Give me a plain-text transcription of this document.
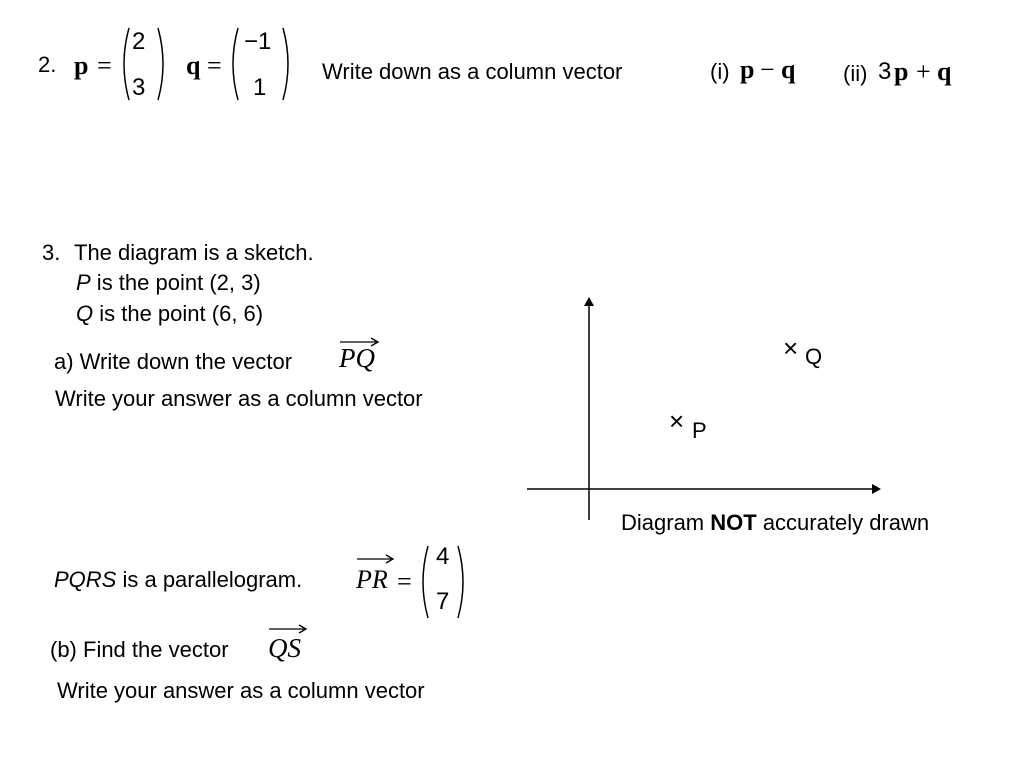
2. p =
2
3
q =
−1
1
Write down as a column vector	(i) p − q (ii) 3 p + q
3. The diagram is a sketch.
P is the point (2, 3)
Q is the point (6, 6)
a) Write down the vector PQ
Write your answer as a column vector
PQRS is a parallelogram. PR =
4
7
(b) Find the vector QS
Write your answer as a column vector
× Q
× P
Diagram NOT accurately drawn
